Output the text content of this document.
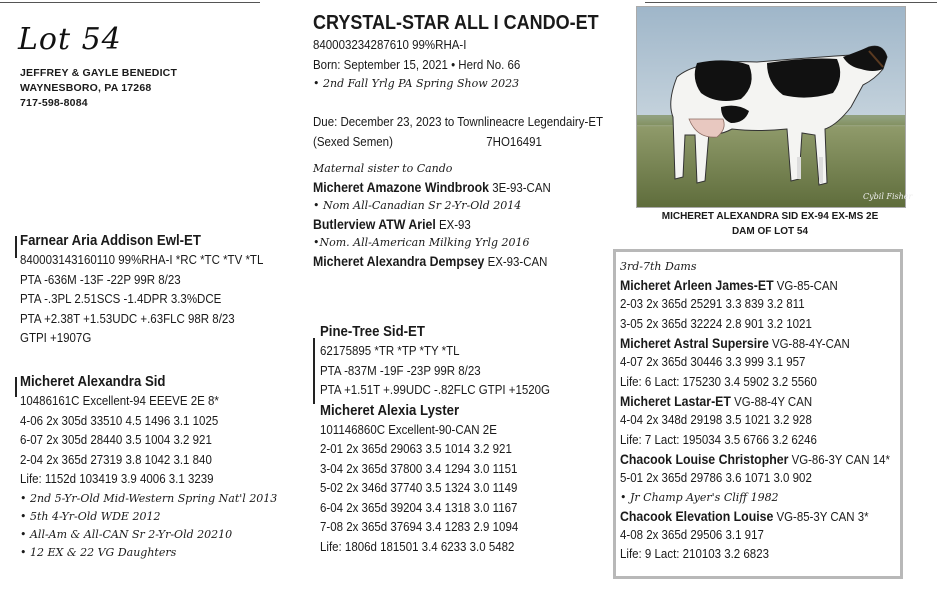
Lot 54
JEFFREY & GAYLE BENEDICT
WAYNESBORO, PA 17268
717-598-8084
Farnear Aria Addison Ewl-ET
840003143160110 99%RHA-I *RC *TC *TV *TL
PTA -636M -13F -22P 99R 8/23
PTA -.3PL 2.51SCS -1.4DPR 3.3%DCE
PTA +2.38T +1.53UDC +.63FLC 98R 8/23
GTPI +1907G
Micheret Alexandra Sid
10486161C Excellent-94 EEEVE 2E 8*
4-06 2x 305d 33510 4.5 1496 3.1 1025
6-07 2x 305d 28440 3.5 1004 3.2 921
2-04 2x 365d 27319 3.8 1042 3.1 840
Life: 1152d 103419 3.9 4006 3.1 3239
• 2nd 5-Yr-Old Mid-Western Spring Nat'l 2013
• 5th 4-Yr-Old WDE 2012
• All-Am & All-CAN Sr 2-Yr-Old 20210
• 12 EX & 22 VG Daughters
CRYSTAL-STAR ALL I CANDO-ET
840003234287610 99%RHA-I
Born: September 15, 2021 • Herd No. 66
• 2nd Fall Yrlg PA Spring Show 2023
Due: December 23, 2023 to Townlineacre Legendairy-ET
(Sexed Semen)	7HO16491
Maternal sister to Cando
Micheret Amazone Windbrook 3E-93-CAN
• Nom All-Canadian Sr 2-Yr-Old 2014
Butlerview ATW Ariel EX-93
•Nom. All-American Milking Yrlg 2016
Micheret Alexandra Dempsey EX-93-CAN
Pine-Tree Sid-ET
62175895 *TR *TP *TY *TL
PTA -837M -19F -23P 99R 8/23
PTA +1.51T +.99UDC -.82FLC GTPI +1520G
Micheret Alexia Lyster
101146860C Excellent-90-CAN 2E
2-01 2x 365d 29063 3.5 1014 3.2 921
3-04 2x 365d 37800 3.4 1294 3.0 1151
5-02 2x 346d 37740 3.5 1324 3.0 1149
6-04 2x 365d 39204 3.4 1318 3.0 1167
7-08 2x 365d 37694 3.4 1283 2.9 1094
Life: 1806d 181501 3.4 6233 3.0 5482
Cybil Fisher
MICHERET ALEXANDRA SID EX-94 EX-MS 2E
DAM OF LOT 54
3rd-7th Dams
Micheret Arleen James-ET VG-85-CAN
2-03 2x 365d 25291 3.3 839 3.2 811
3-05 2x 365d 32224 2.8 901 3.2 1021
Micheret Astral Supersire VG-88-4Y-CAN
4-07 2x 365d 30446 3.3 999 3.1 957
Life: 6 Lact: 175230 3.4 5902 3.2 5560
Micheret Lastar-ET VG-88-4Y CAN
4-04 2x 348d 29198 3.5 1021 3.2 928
Life: 7 Lact: 195034 3.5 6766 3.2 6246
Chacook Louise Christopher VG-86-3Y CAN 14*
5-01 2x 365d 29786 3.6 1071 3.0 902
• Jr Champ Ayer's Cliff 1982
Chacook Elevation Louise VG-85-3Y CAN 3*
4-08 2x 365d 29506 3.1 917
Life: 9 Lact: 210103 3.2 6823
